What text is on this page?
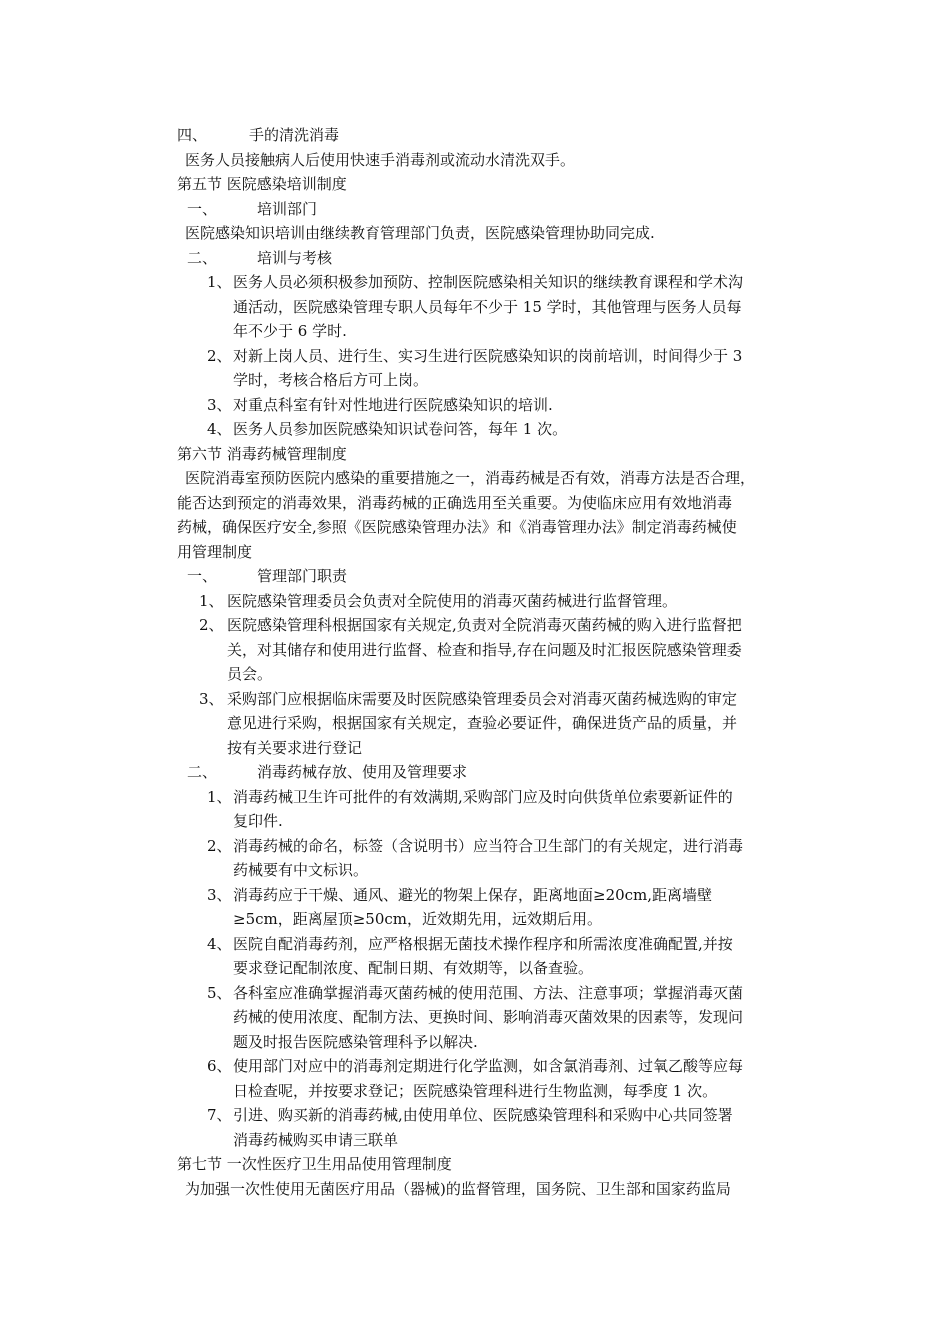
四、	手的清洗消毒
医务人员接触病人后使用快速手消毒剂或流动水清洗双手。
第五节 医院感染培训制度
一、	培训部门
医院感染知识培训由继续教育管理部门负责，医院感染管理协助同完成.
二、	培训与考核
1、 医务人员必须积极参加预防、控制医院感染相关知识的继续教育课程和学术沟
通活动，医院感染管理专职人员每年不少于 15 学时，其他管理与医务人员每
年不少于 6 学时.
2、 对新上岗人员、进行生、实习生进行医院感染知识的岗前培训，时间得少于 3
学时，考核合格后方可上岗。
3、 对重点科室有针对性地进行医院感染知识的培训.
4、 医务人员参加医院感染知识试卷问答，每年 1 次。
第六节 消毒药械管理制度
医院消毒室预防医院内感染的重要措施之一，消毒药械是否有效，消毒方法是否合理，
能否达到预定的消毒效果，消毒药械的正确选用至关重要。为使临床应用有效地消毒
药械，确保医疗安全,参照《医院感染管理办法》和《消毒管理办法》制定消毒药械使
用管理制度
一、	管理部门职责
1、 医院感染管理委员会负责对全院使用的消毒灭菌药械进行监督管理。
2、 医院感染管理科根据国家有关规定,负责对全院消毒灭菌药械的购入进行监督把
关，对其储存和使用进行监督、检查和指导,存在问题及时汇报医院感染管理委
员会。
3、 采购部门应根据临床需要及时医院感染管理委员会对消毒灭菌药械选购的审定
意见进行采购，根据国家有关规定，查验必要证件，确保进货产品的质量，并
按有关要求进行登记
二、	消毒药械存放、使用及管理要求
1、 消毒药械卫生许可批件的有效满期,采购部门应及时向供货单位索要新证件的
复印件.
2、 消毒药械的命名，标签（含说明书）应当符合卫生部门的有关规定，进行消毒
药械要有中文标识。
3、 消毒药应于干燥、通风、避光的物架上保存，距离地面≥20cm,距离墙壁
≥5cm，距离屋顶≥50cm，近效期先用，远效期后用。
4、 医院自配消毒药剂，应严格根据无菌技术操作程序和所需浓度准确配置,并按
要求登记配制浓度、配制日期、有效期等，以备查验。
5、 各科室应准确掌握消毒灭菌药械的使用范围、方法、注意事项；掌握消毒灭菌
药械的使用浓度、配制方法、更换时间、影响消毒灭菌效果的因素等，发现问
题及时报告医院感染管理科予以解决.
6、 使用部门对应中的消毒剂定期进行化学监测，如含氯消毒剂、过氧乙酸等应每
日检查呢，并按要求登记；医院感染管理科进行生物监测，每季度 1 次。
7、 引进、购买新的消毒药械,由使用单位、医院感染管理科和采购中心共同签署
消毒药械购买申请三联单
第七节 一次性医疗卫生用品使用管理制度
为加强一次性使用无菌医疗用品（器械)的监督管理，国务院、卫生部和国家药监局
